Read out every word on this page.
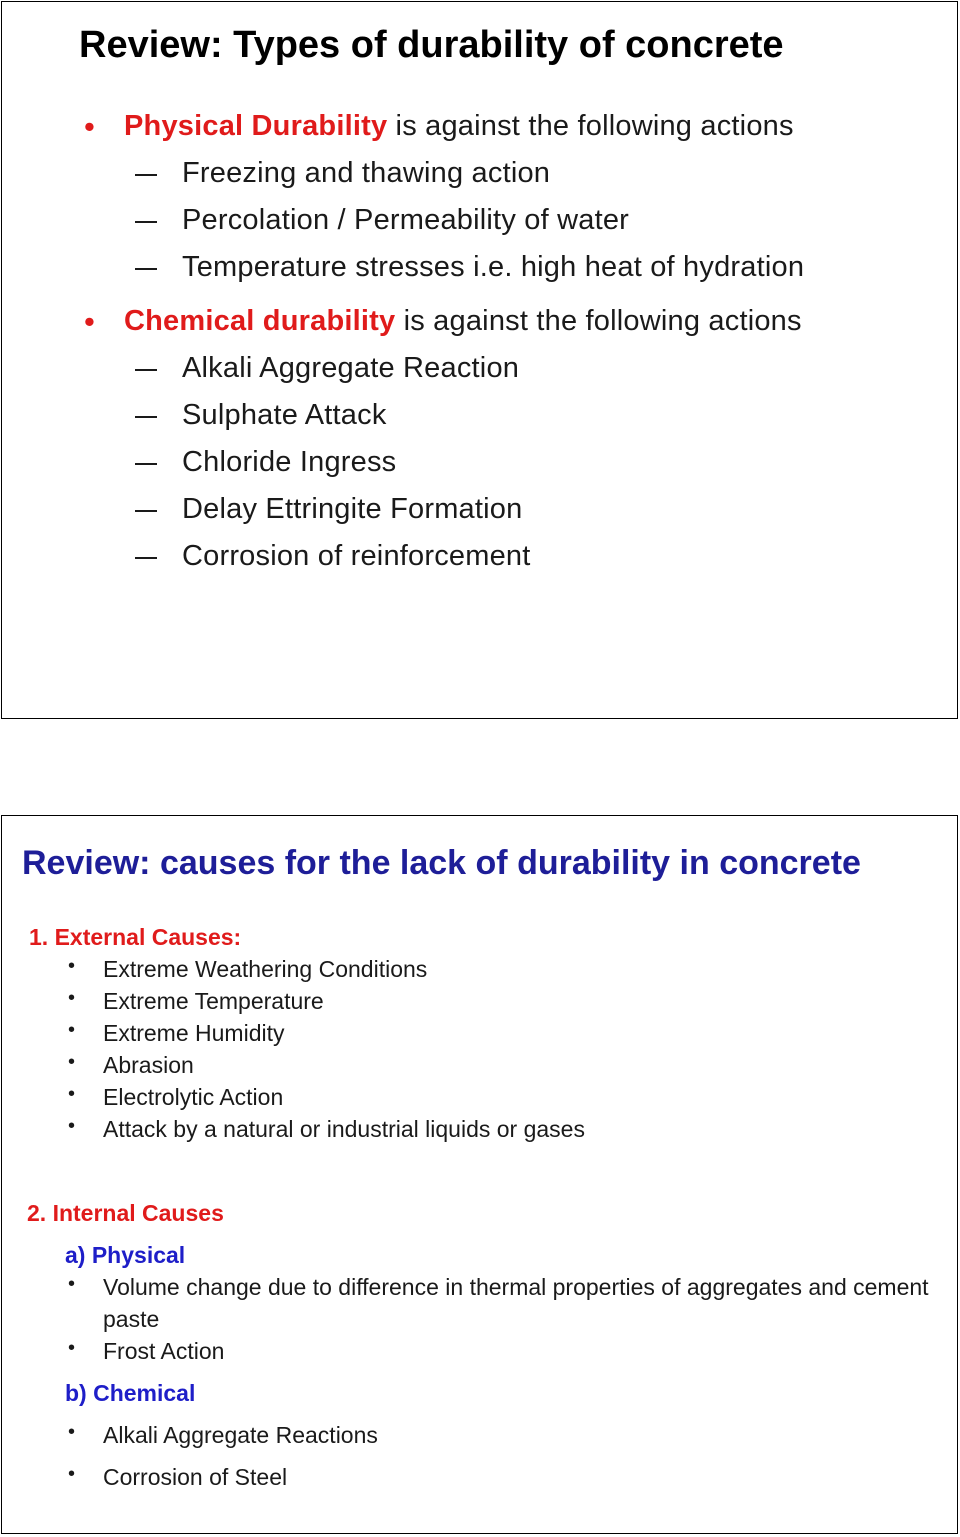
Review: Types of durability of concrete
• Physical Durability is against the following actions
Freezing and thawing action
Percolation / Permeability of water
Temperature stresses i.e. high heat of hydration
• Chemical durability is against the following actions
Alkali Aggregate Reaction
Sulphate Attack
Chloride Ingress
Delay Ettringite Formation
Corrosion of reinforcement
Review: causes for the lack of durability in concrete
1. External Causes:
• Extreme Weathering Conditions
• Extreme Temperature
• Extreme Humidity
• Abrasion
• Electrolytic Action
• Attack by a natural or industrial liquids or gases
2. Internal Causes
a) Physical
• Volume change due to difference in thermal properties of aggregates and cement paste
• Frost Action
b) Chemical
• Alkali Aggregate Reactions
• Corrosion of Steel
